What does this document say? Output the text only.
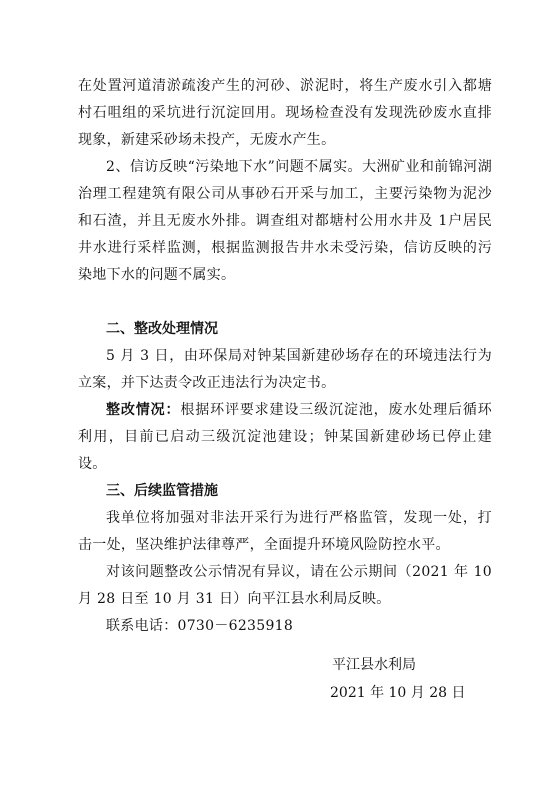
在处置河道清淤疏浚产生的河砂、淤泥时，将生产废水引入都塘村石咀组的采坑进行沉淀回用。现场检查没有发现洗砂废水直排现象，新建采砂场未投产，无废水产生。

2、信访反映“污染地下水”问题不属实。大洲矿业和前锦河湖治理工程建筑有限公司从事砂石开采与加工，主要污染物为泥沙和石渣，并且无废水外排。调查组对都塘村公用水井及 1户居民井水进行采样监测，根据监测报告井水未受污染，信访反映的污染地下水的问题不属实。

二、整改处理情况

5 月 3 日，由环保局对钟某国新建砂场存在的环境违法行为立案，并下达责令改正违法行为决定书。

整改情况：根据环评要求建设三级沉淀池，废水处理后循环利用，目前已启动三级沉淀池建设；钟某国新建砂场已停止建设。

三、后续监管措施

我单位将加强对非法开采行为进行严格监管，发现一处，打击一处，坚决维护法律尊严，全面提升环境风险防控水平。

对该问题整改公示情况有异议，请在公示期间（2021 年 10月 28 日至 10 月 31 日）向平江县水利局反映。

联系电话：0730－6235918

平江县水利局

2021 年 10 月 28 日
